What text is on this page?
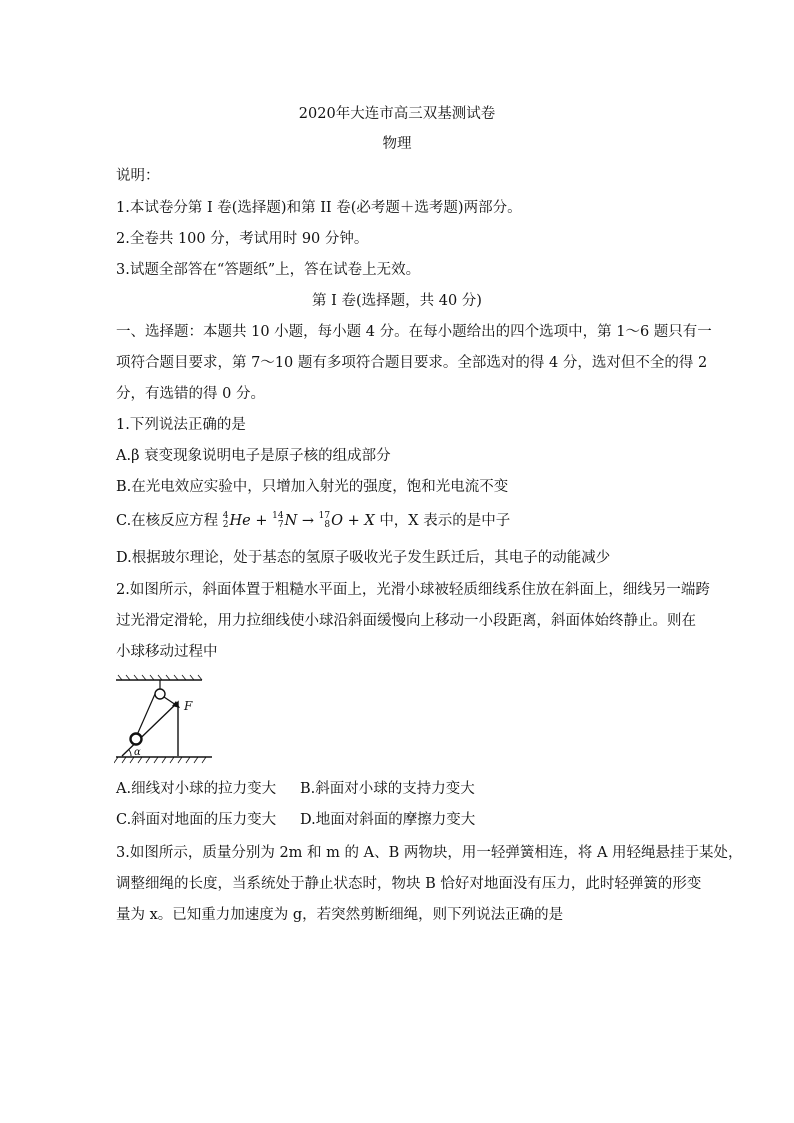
2020年大连市高三双基测试卷
物理
说明：
1.本试卷分第 I 卷(选择题)和第 II 卷(必考题＋选考题)两部分。
2.全卷共 100 分，考试用时 90 分钟。
3.试题全部答在“答题纸”上，答在试卷上无效。
第 I 卷(选择题，共 40 分)
一、选择题：本题共 10 小题，每小题 4 分。在每小题给出的四个选项中，第 1～6 题只有一
项符合题目要求，第 7～10 题有多项符合题目要求。全部选对的得 4 分，选对但不全的得 2
分，有选错的得 0 分。
1.下列说法正确的是
A.β 衰变现象说明电子是原子核的组成部分
B.在光电效应实验中，只增加入射光的强度，饱和光电流不变
C.在核反应方程 4
2He + 14
7N → 17
8O + X 中，X 表示的是中子
D.根据玻尔理论，处于基态的氢原子吸收光子发生跃迁后，其电子的动能减少
2.如图所示，斜面体置于粗糙水平面上，光滑小球被轻质细线系住放在斜面上，细线另一端跨
过光滑定滑轮，用力拉细线使小球沿斜面缓慢向上移动一小段距离，斜面体始终静止。则在
小球移动过程中
F
α
A.细线对小球的拉力变大 B.斜面对小球的支持力变大
C.斜面对地面的压力变大 D.地面对斜面的摩擦力变大
3.如图所示，质量分别为 2m 和 m 的 A、B 两物块，用一轻弹簧相连，将 A 用轻绳悬挂于某处，
调整细绳的长度，当系统处于静止状态时，物块 B 恰好对地面没有压力，此时轻弹簧的形变
量为 x。已知重力加速度为 g，若突然剪断细绳，则下列说法正确的是
